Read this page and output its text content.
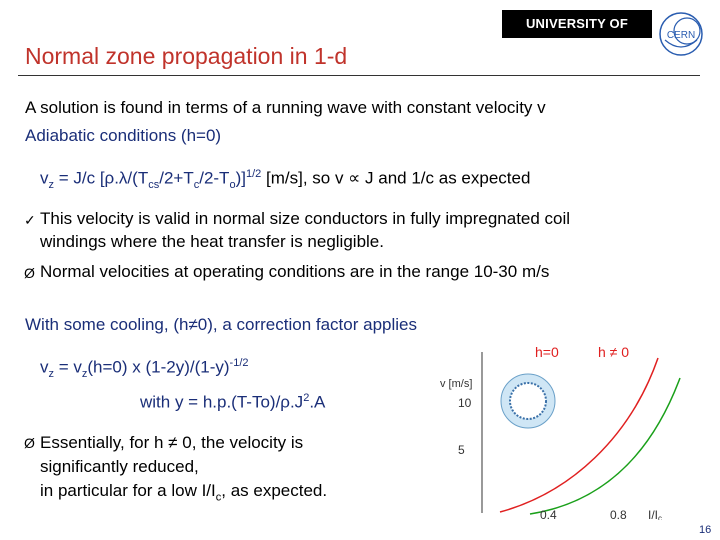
Normal zone propagation in 1-d
UNIVERSITY OF TWENTE.
CERN
A solution is found in terms of a running wave with constant velocity v
Adiabatic conditions (h=0)
$v_z = J/c$ $[\rho.\lambda/(T_{cs}/2+T_c/2-T_o)]^{1/2}$ [m/s], so v ∝ J and 1/c as expected
✓ This velocity is valid in normal size conductors in fully impregnated coil
windings where the heat transfer is negligible.
Ø Normal velocities at operating conditions are in the range 10-30 m/s
With some cooling, (h≠0), a correction factor applies
$v_z = v_z(h=0)$ x $(1-2y)/(1-y)^{-1/2}$
with $y = h.p.(T-To)/\rho.J^2.A$
Ø Essentially, for h ≠ 0, the velocity is
significantly reduced,
in particular for a low $I/I_c$, as expected.
h=0	h ≠ 0
v [m/s]
10
5
0.4	0.8 I/Ic
16
